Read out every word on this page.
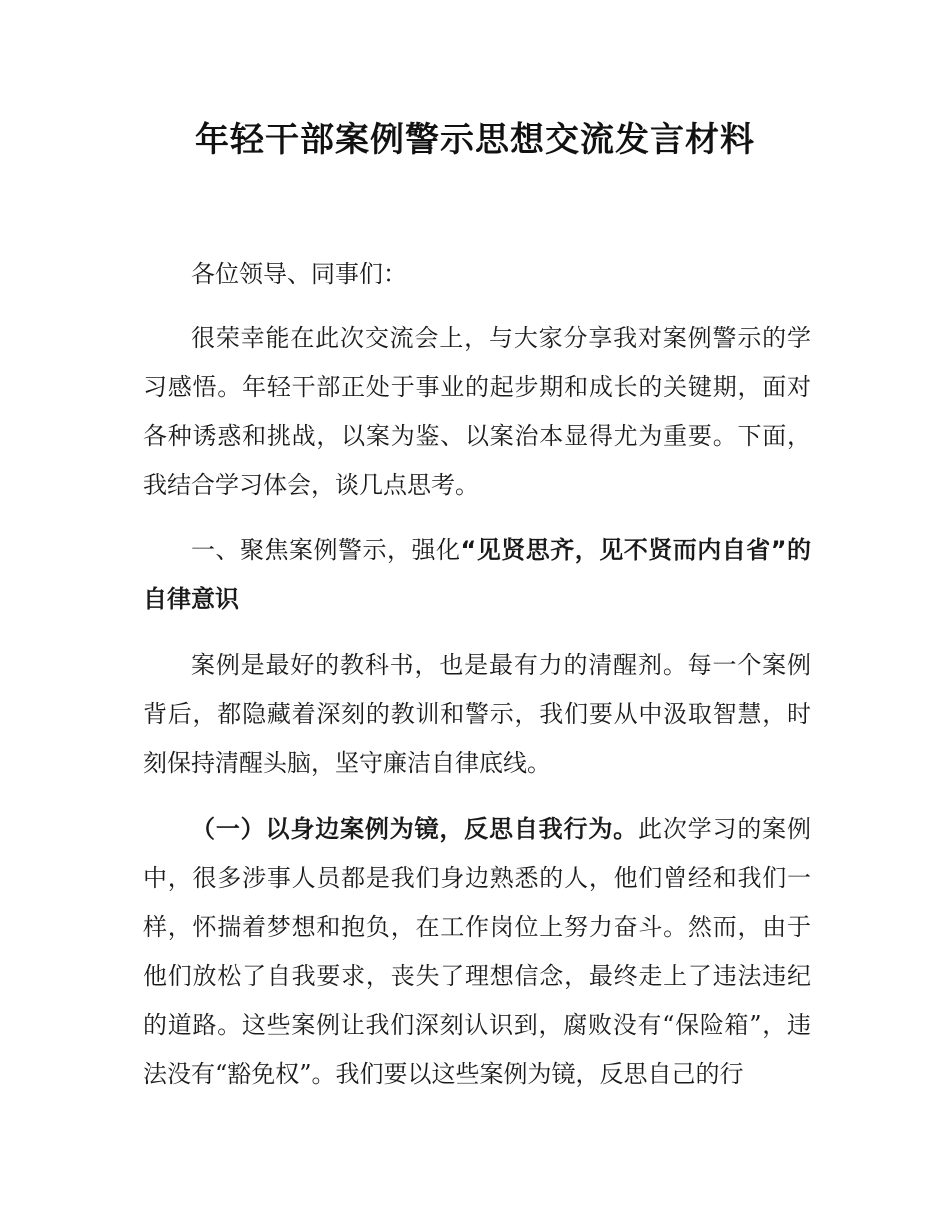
年轻干部案例警示思想交流发言材料

各位领导、同事们：

很荣幸能在此次交流会上，与大家分享我对案例警示的学习感悟。年轻干部正处于事业的起步期和成长的关键期，面对各种诱惑和挑战，以案为鉴、以案治本显得尤为重要。下面，我结合学习体会，谈几点思考。

一、聚焦案例警示，强化“见贤思齐，见不贤而内自省”的自律意识

案例是最好的教科书，也是最有力的清醒剂。每一个案例背后，都隐藏着深刻的教训和警示，我们要从中汲取智慧，时刻保持清醒头脑，坚守廉洁自律底线。

（一）以身边案例为镜，反思自我行为。此次学习的案例中，很多涉事人员都是我们身边熟悉的人，他们曾经和我们一样，怀揣着梦想和抱负，在工作岗位上努力奋斗。然而，由于他们放松了自我要求，丧失了理想信念，最终走上了违法违纪的道路。这些案例让我们深刻认识到，腐败没有“保险箱”，违法没有“豁免权”。我们要以这些案例为镜，反思自己的行
